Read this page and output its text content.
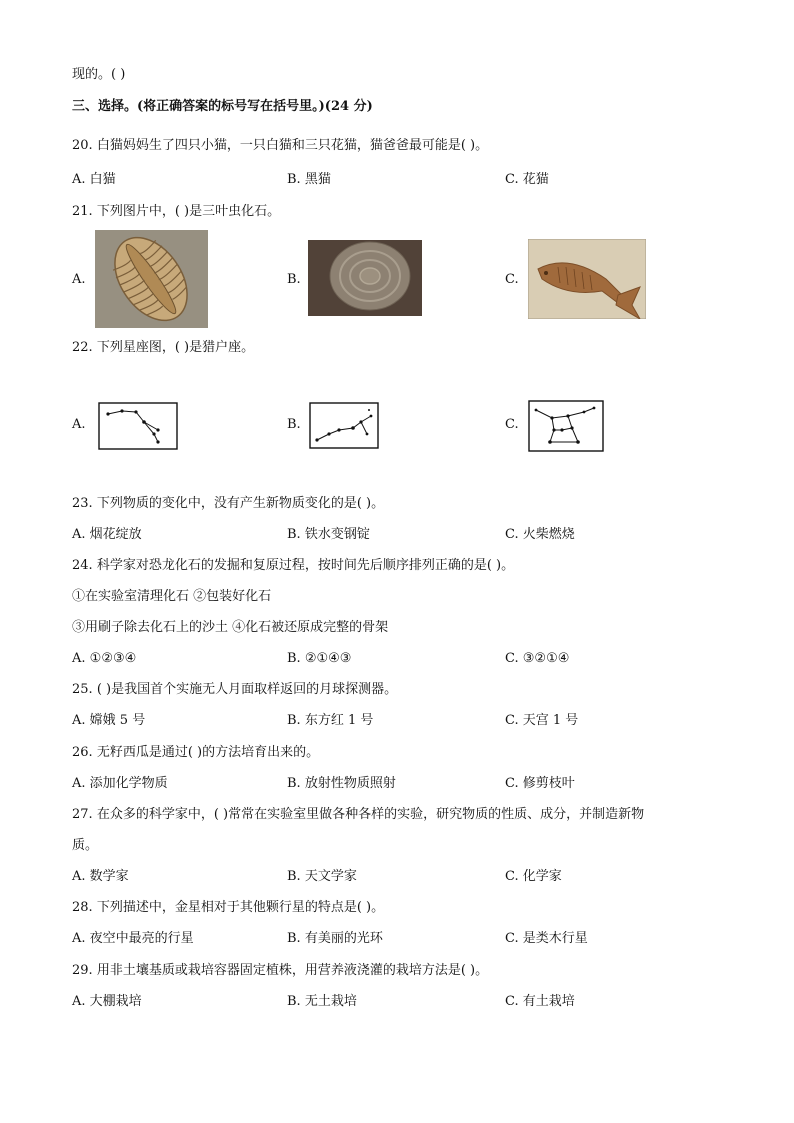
现的。( )
三、选择。(将正确答案的标号写在括号里。)(24 分)
20. 白猫妈妈生了四只小猫，一只白猫和三只花猫，猫爸爸最可能是( )。
A. 白猫	B. 黑猫	C. 花猫
21. 下列图片中，( )是三叶虫化石。
A.	B.	C.
22. 下列星座图，( )是猎户座。
A.	B.	C.
23. 下列物质的变化中，没有产生新物质变化的是( )。
A. 烟花绽放	B. 铁水变钢锭	C. 火柴燃烧
24. 科学家对恐龙化石的发掘和复原过程，按时间先后顺序排列正确的是( )。
①在实验室清理化石 ②包装好化石
③用刷子除去化石上的沙土 ④化石被还原成完整的骨架
A. ①②③④	B. ②①④③	C. ③②①④
25. ( )是我国首个实施无人月面取样返回的月球探测器。
A. 嫦娥 5 号	B. 东方红 1 号	C. 天宫 1 号
26. 无籽西瓜是通过( )的方法培育出来的。
A. 添加化学物质	B. 放射性物质照射	C. 修剪枝叶
27. 在众多的科学家中，( )常常在实验室里做各种各样的实验，研究物质的性质、成分，并制造新物
质。
A. 数学家	B. 天文学家	C. 化学家
28. 下列描述中，金星相对于其他颗行星的特点是( )。
A. 夜空中最亮的行星	B. 有美丽的光环	C. 是类木行星
29. 用非土壤基质或栽培容器固定植株，用营养液浇灌的栽培方法是( )。
A. 大棚栽培	B. 无土栽培	C. 有土栽培
